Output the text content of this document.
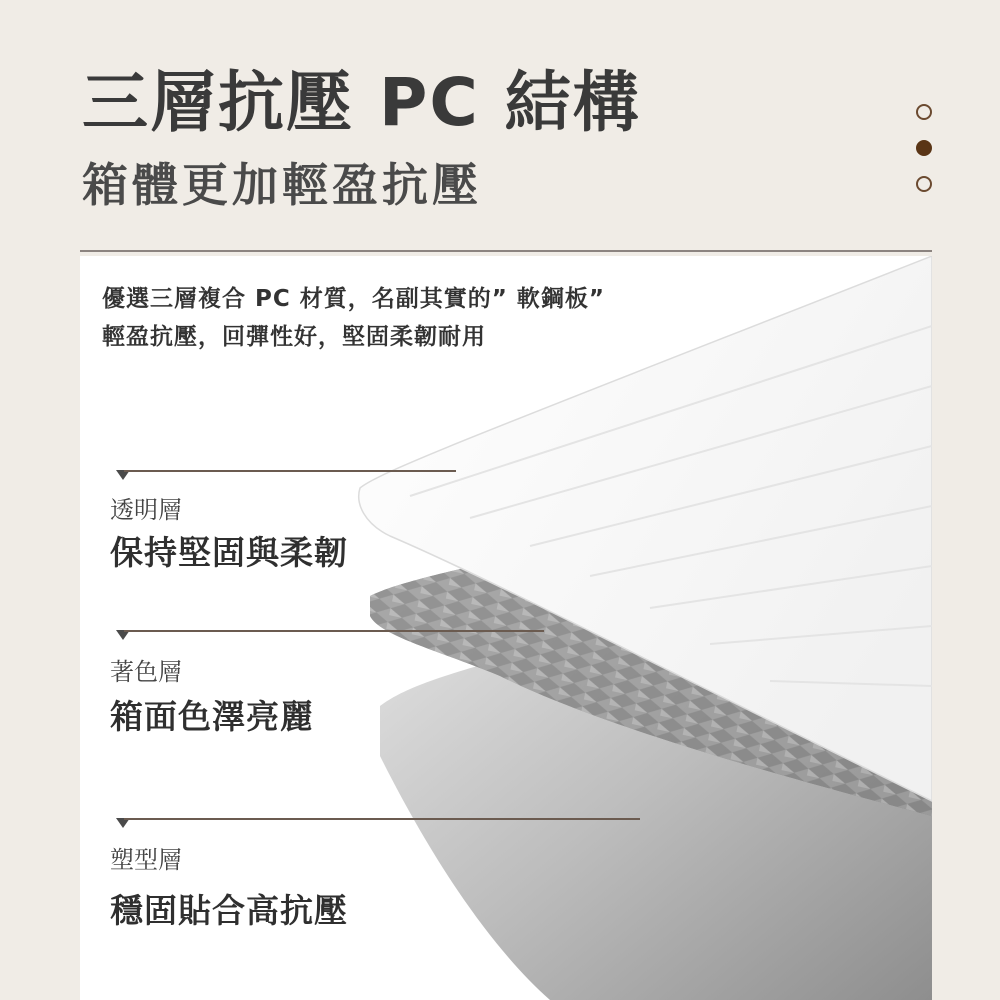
三層抗壓 PC 結構
箱體更加輕盈抗壓

優選三層複合 PC 材質，名副其實的” 軟鋼板”
輕盈抗壓，回彈性好，堅固柔韌耐用

透明層
保持堅固與柔韌
著色層
箱面色澤亮麗
塑型層
穩固貼合高抗壓
